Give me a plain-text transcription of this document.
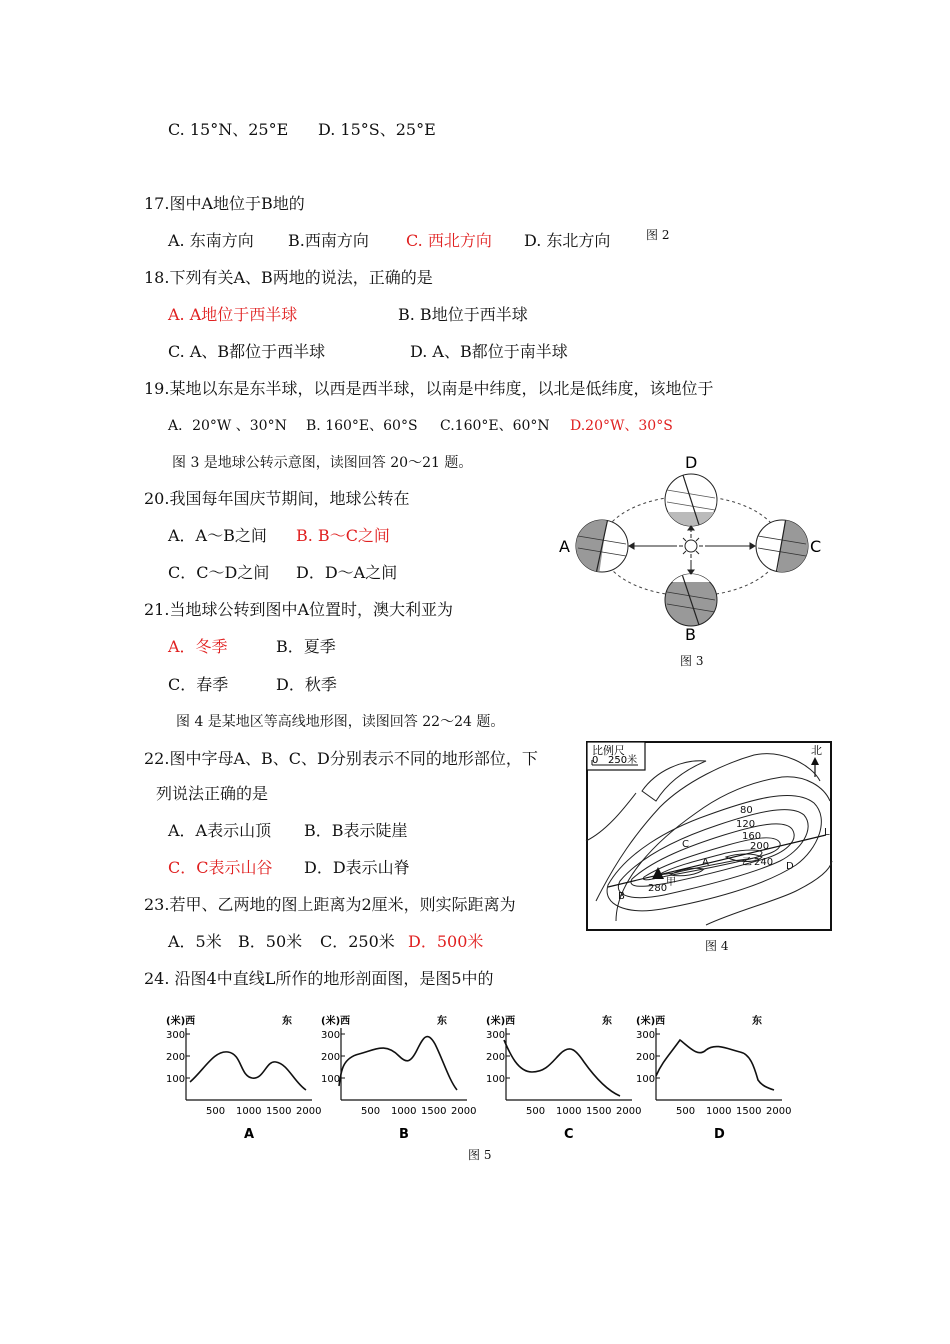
C. 15°N、25°E D. 15°S、25°E
17.图中A地位于B地的
A. 东南方向 B.西南方向 C. 西北方向 D. 东北方向	图 2
18.下列有关A、B两地的说法，正确的是
A. A地位于西半球	B. B地位于西半球
C. A、B都位于西半球	D. A、B都位于南半球
19.某地以东是东半球，以西是西半球，以南是中纬度，以北是低纬度，该地位于
A．20°W 、30°N B. 160°E、60°S C.160°E、60°N D.20°W、30°S
图 3 是地球公转示意图，读图回答 20～21 题。
20.我国每年国庆节期间，地球公转在
A．A～B之间 B. B～C之间
C．C～D之间 D．D～A之间
21.当地球公转到图中A位置时，澳大利亚为
A．冬季	B．夏季
C．春季	D．秋季
D
B
A	C
图 3
图 4 是某地区等高线地形图，读图回答 22～24 题。
22.图中字母A、B、C、D分别表示不同的地形部位，下
列说法正确的是
A．A表示山顶 B．B表示陡崖
C．C表示山谷 D．D表示山脊
23.若甲、乙两地的图上距离为2厘米，则实际距离为
A．5米 B．50米 C．250米 D．500米
比例尺
0 250米
北
80
120
160
200
240
280
A
B
C
D
L
甲
乙
图 4
24. 沿图4中直线L所作的地形剖面图，是图5中的
(米)西	东
300
200
100
500 1000 1500 2000
A
(米)西	东
300
200
100
500 1000 1500 2000
B
(米)西	东
300
200
100
500 1000 1500 2000
C
(米)西	东
300
200
100
500 1000 1500 2000
D
图 5
